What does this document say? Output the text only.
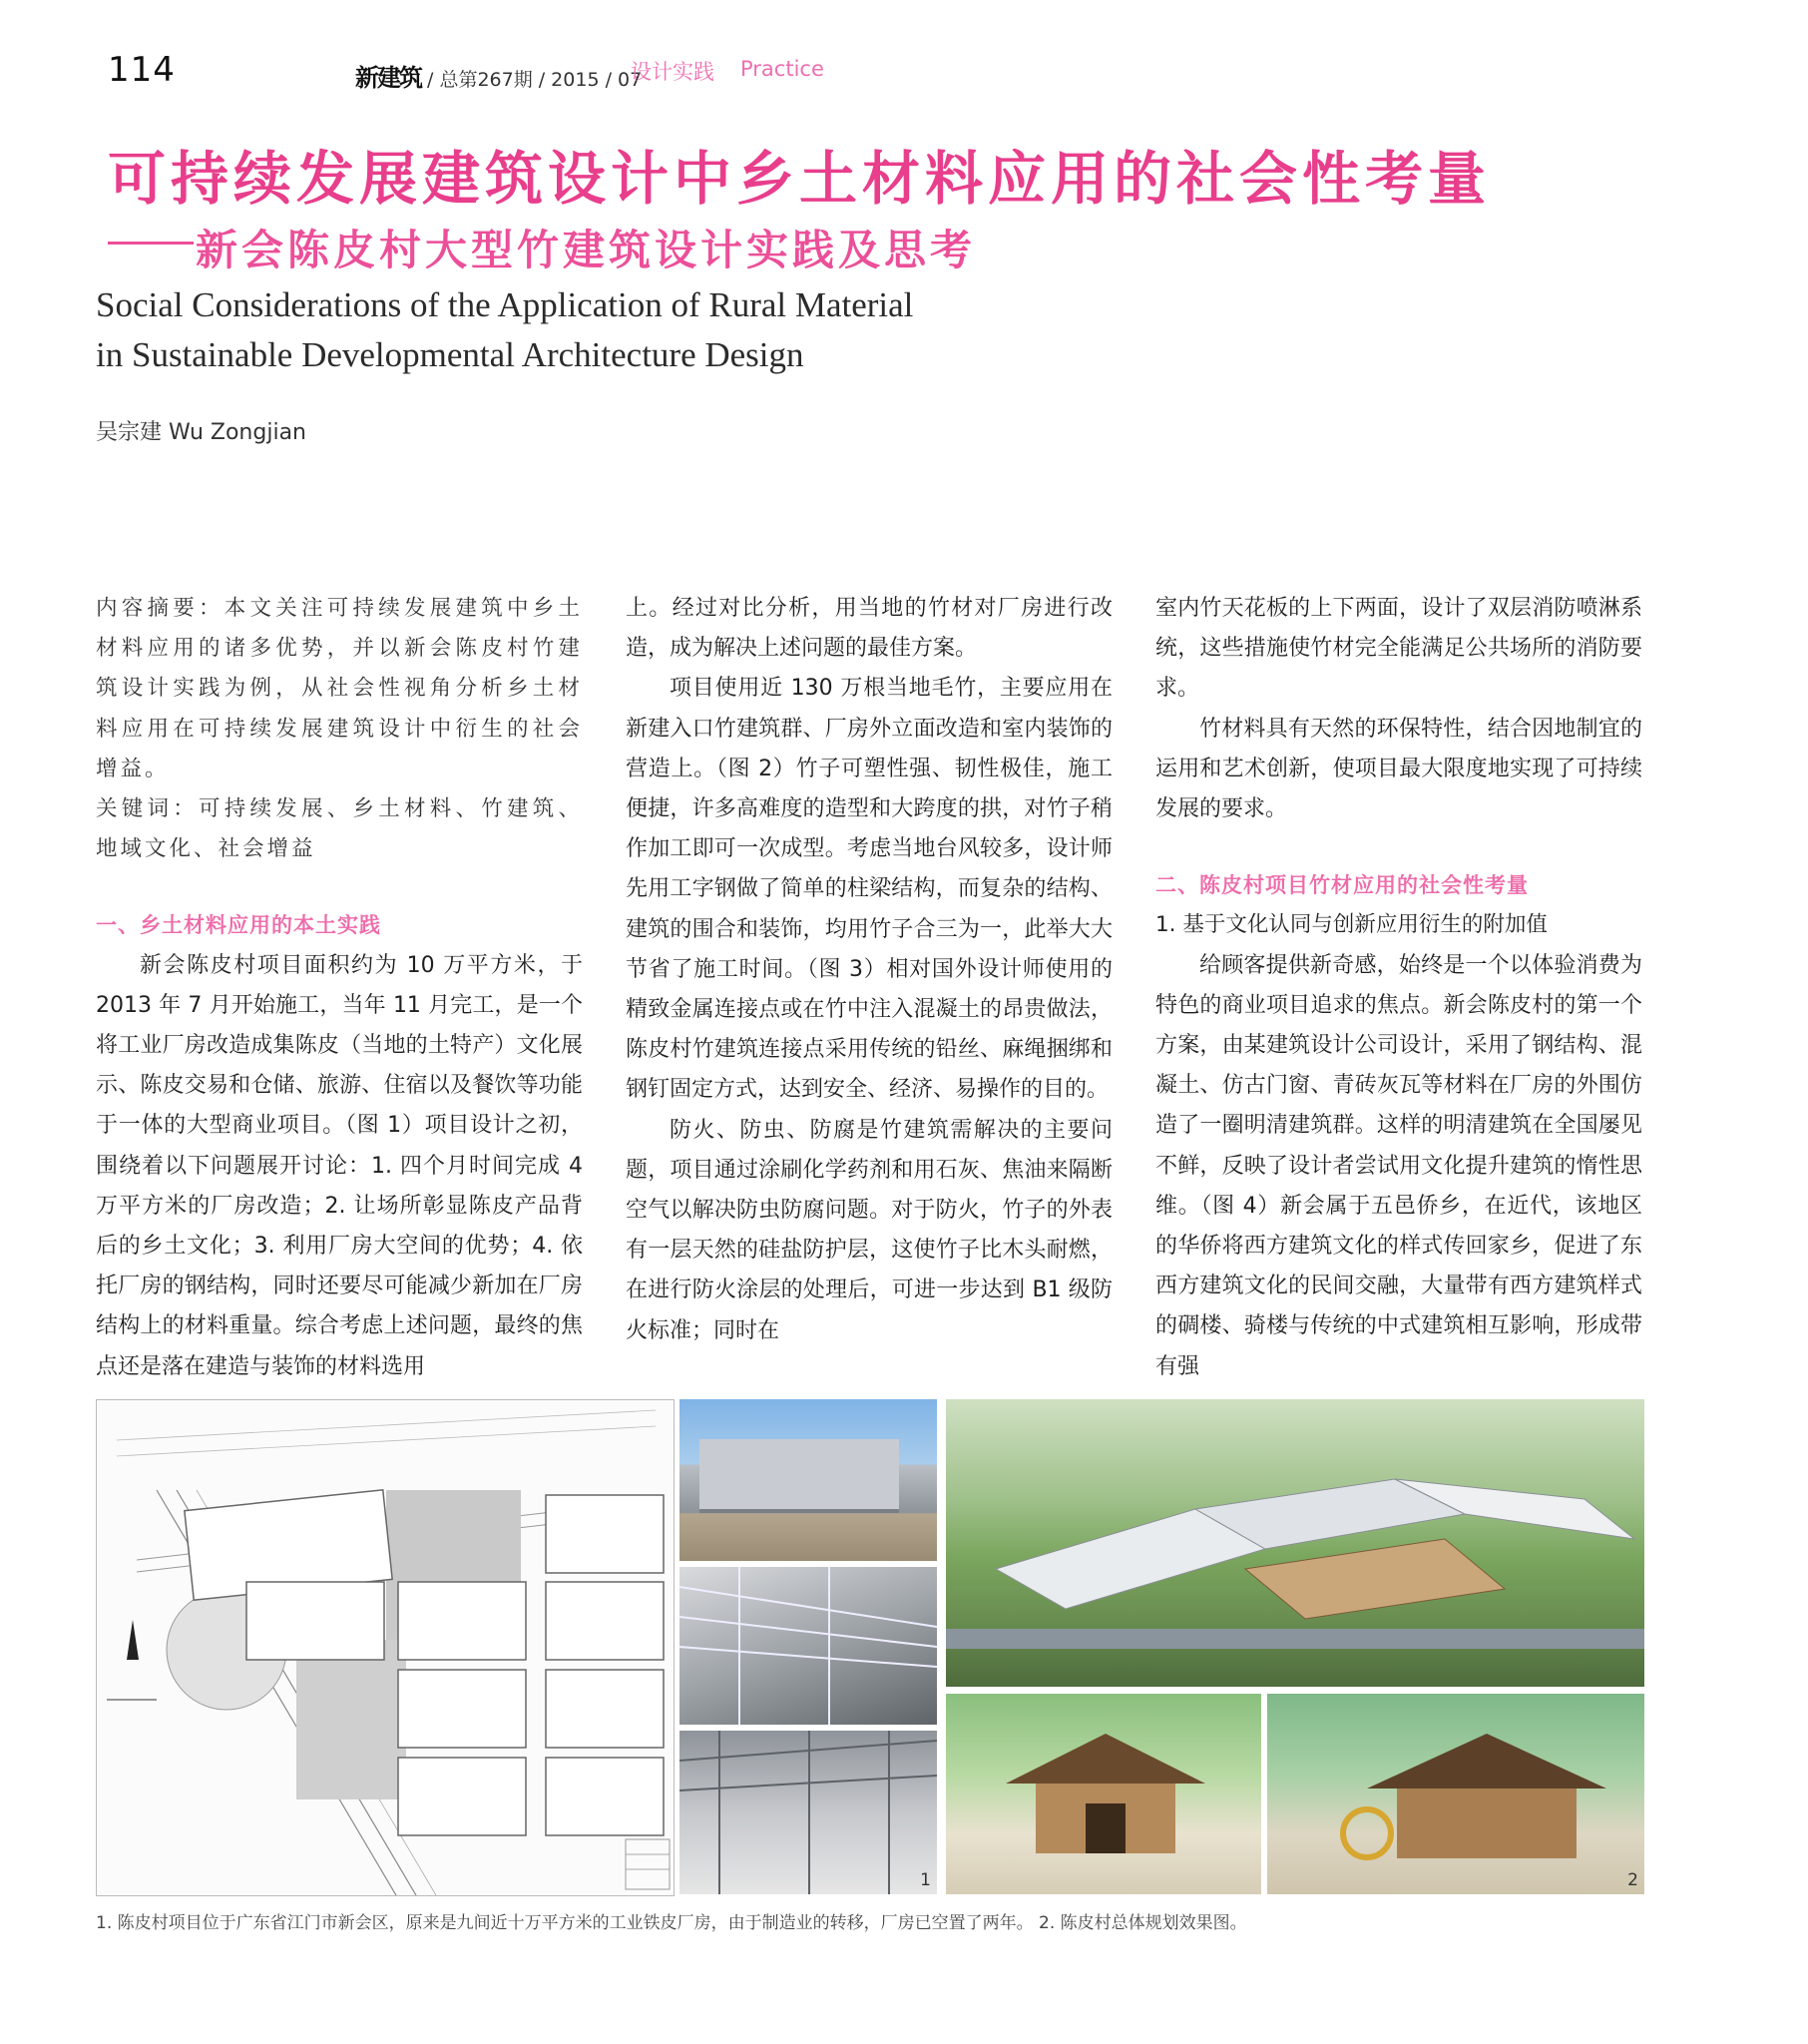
114	新建筑 / 总第267期 / 2015 / 07
设计实践 Practice
可持续发展建筑设计中乡土材料应用的社会性考量
新会陈皮村大型竹建筑设计实践及思考
Social Considerations of the Application of Rural Material
in Sustainable Developmental Architecture Design
吴宗建 Wu Zongjian

内容摘要：本文关注可持续发展建筑中乡土材料应用的诸多优势，并以新会陈皮村竹建筑设计实践为例，从社会性视角分析乡土材料应用在可持续发展建筑设计中衍生的社会增益。

关键词：可持续发展、乡土材料、竹建筑、地域文化、社会增益

一、乡土材料应用的本土实践

新会陈皮村项目面积约为 10 万平方米，于 2013 年 7 月开始施工，当年 11 月完工，是一个将工业厂房改造成集陈皮（当地的土特产）文化展示、陈皮交易和仓储、旅游、住宿以及餐饮等功能于一体的大型商业项目。（图 1）项目设计之初，围绕着以下问题展开讨论：1. 四个月时间完成 4 万平方米的厂房改造；2. 让场所彰显陈皮产品背后的乡土文化；3. 利用厂房大空间的优势；4. 依托厂房的钢结构，同时还要尽可能减少新加在厂房结构上的材料重量。综合考虑上述问题，最终的焦点还是落在建造与装饰的材料选用

上。经过对比分析，用当地的竹材对厂房进行改造，成为解决上述问题的最佳方案。

项目使用近 130 万根当地毛竹，主要应用在新建入口竹建筑群、厂房外立面改造和室内装饰的营造上。（图 2）竹子可塑性强、韧性极佳，施工便捷，许多高难度的造型和大跨度的拱，对竹子稍作加工即可一次成型。考虑当地台风较多，设计师先用工字钢做了简单的柱梁结构，而复杂的结构、建筑的围合和装饰，均用竹子合三为一，此举大大节省了施工时间。（图 3）相对国外设计师使用的精致金属连接点或在竹中注入混凝土的昂贵做法，陈皮村竹建筑连接点采用传统的铅丝、麻绳捆绑和钢钉固定方式，达到安全、经济、易操作的目的。

防火、防虫、防腐是竹建筑需解决的主要问题，项目通过涂刷化学药剂和用石灰、焦油来隔断空气以解决防虫防腐问题。对于防火，竹子的外表有一层天然的硅盐防护层，这使竹子比木头耐燃，在进行防火涂层的处理后，可进一步达到 B1 级防火标准；同时在

室内竹天花板的上下两面，设计了双层消防喷淋系统，这些措施使竹材完全能满足公共场所的消防要求。

竹材料具有天然的环保特性，结合因地制宜的运用和艺术创新，使项目最大限度地实现了可持续发展的要求。

二、陈皮村项目竹材应用的社会性考量

1. 基于文化认同与创新应用衍生的附加值

给顾客提供新奇感，始终是一个以体验消费为特色的商业项目追求的焦点。新会陈皮村的第一个方案，由某建筑设计公司设计，采用了钢结构、混凝土、仿古门窗、青砖灰瓦等材料在厂房的外围仿造了一圈明清建筑群。这样的明清建筑在全国屡见不鲜，反映了设计者尝试用文化提升建筑的惰性思维。（图 4）新会属于五邑侨乡，在近代，该地区的华侨将西方建筑文化的样式传回家乡，促进了东西方建筑文化的民间交融，大量带有西方建筑样式的碉楼、骑楼与传统的中式建筑相互影响，形成带有强

1	2
1. 陈皮村项目位于广东省江门市新会区，原来是九间近十万平方米的工业铁皮厂房，由于制造业的转移，厂房已空置了两年。 2. 陈皮村总体规划效果图。
